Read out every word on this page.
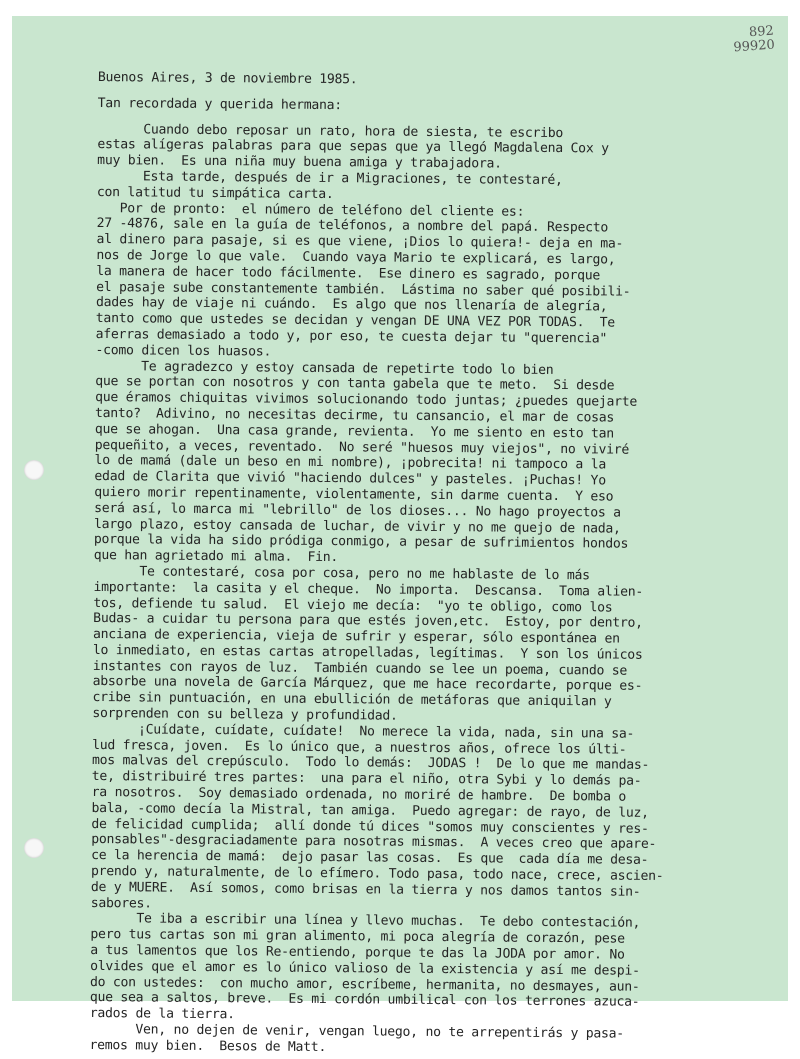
892
99920
Buenos Aires, 3 de noviembre 1985.
Tan recordada y querida hermana:
Cuando debo reposar un rato, hora de siesta, te escribo
estas alígeras palabras para que sepas que ya llegó Magdalena Cox y
muy bien.  Es una niña muy buena amiga y trabajadora.
Esta tarde, después de ir a Migraciones, te contestaré,
con latitud tu simpática carta.
Por de pronto:  el número de teléfono del cliente es:
27 -4876, sale en la guía de teléfonos, a nombre del papá. Respecto
al dinero para pasaje, si es que viene, ¡Dios lo quiera!- deja en ma-
nos de Jorge lo que vale.  Cuando vaya Mario te explicará, es largo,
la manera de hacer todo fácilmente.  Ese dinero es sagrado, porque
el pasaje sube constantemente también.  Lástima no saber qué posibili-
dades hay de viaje ni cuándo.  Es algo que nos llenaría de alegría,
tanto como que ustedes se decidan y vengan DE UNA VEZ POR TODAS.  Te
aferras demasiado a todo y, por eso, te cuesta dejar tu "querencia"
-como dicen los huasos.
Te agradezco y estoy cansada de repetirte todo lo bien
que se portan con nosotros y con tanta gabela que te meto.  Si desde
que éramos chiquitas vivimos solucionando todo juntas; ¿puedes quejarte
tanto?  Adivino, no necesitas decirme, tu cansancio, el mar de cosas
que se ahogan.  Una casa grande, revienta.  Yo me siento en esto tan
pequeñito, a veces, reventado.  No seré "huesos muy viejos", no viviré
lo de mamá (dale un beso en mi nombre), ¡pobrecita! ni tampoco a la
edad de Clarita que vivió "haciendo dulces" y pasteles. ¡Puchas! Yo
quiero morir repentinamente, violentamente, sin darme cuenta.  Y eso
será así, lo marca mi "lebrillo" de los dioses... No hago proyectos a
largo plazo, estoy cansada de luchar, de vivir y no me quejo de nada,
porque la vida ha sido pródiga conmigo, a pesar de sufrimientos hondos
que han agrietado mi alma.  Fin.
Te contestaré, cosa por cosa, pero no me hablaste de lo más
importante:  la casita y el cheque.  No importa.  Descansa.  Toma alien-
tos, defiende tu salud.  El viejo me decía:  "yo te obligo, como los
Budas- a cuidar tu persona para que estés joven,etc.  Estoy, por dentro,
anciana de experiencia, vieja de sufrir y esperar, sólo espontánea en
lo inmediato, en estas cartas atropelladas, legítimas.  Y son los únicos
instantes con rayos de luz.  También cuando se lee un poema, cuando se
absorbe una novela de García Márquez, que me hace recordarte, porque es-
cribe sin puntuación, en una ebullición de metáforas que aniquilan y
sorprenden con su belleza y profundidad.
¡Cuídate, cuídate, cuídate!  No merece la vida, nada, sin una sa-
lud fresca, joven.  Es lo único que, a nuestros años, ofrece los últi-
mos malvas del crepúsculo.  Todo lo demás:  JODAS !  De lo que me mandas-
te, distribuiré tres partes:  una para el niño, otra Sybi y lo demás pa-
ra nosotros.  Soy demasiado ordenada, no moriré de hambre.  De bomba o
bala, -como decía la Mistral, tan amiga.  Puedo agregar: de rayo, de luz,
de felicidad cumplida;  allí donde tú dices "somos muy conscientes y res-
ponsables"-desgraciadamente para nosotras mismas.  A veces creo que apare-
ce la herencia de mamá:  dejo pasar las cosas.  Es que  cada día me desa-
prendo y, naturalmente, de lo efímero. Todo pasa, todo nace, crece, ascien-
de y MUERE.  Así somos, como brisas en la tierra y nos damos tantos sin-
sabores.
Te iba a escribir una línea y llevo muchas.  Te debo contestación,
pero tus cartas son mi gran alimento, mi poca alegría de corazón, pese
a tus lamentos que los Re-entiendo, porque te das la JODA por amor. No
olvides que el amor es lo único valioso de la existencia y así me despi-
do con ustedes:  con mucho amor, escríbeme, hermanita, no desmayes, aun-
que sea a saltos, breve.  Es mi cordón umbilical con los terrones azuca-
rados de la tierra.
Ven, no dejen de venir, vengan luego, no te arrepentirás y pasa-
remos muy bien.  Besos de Matt.
